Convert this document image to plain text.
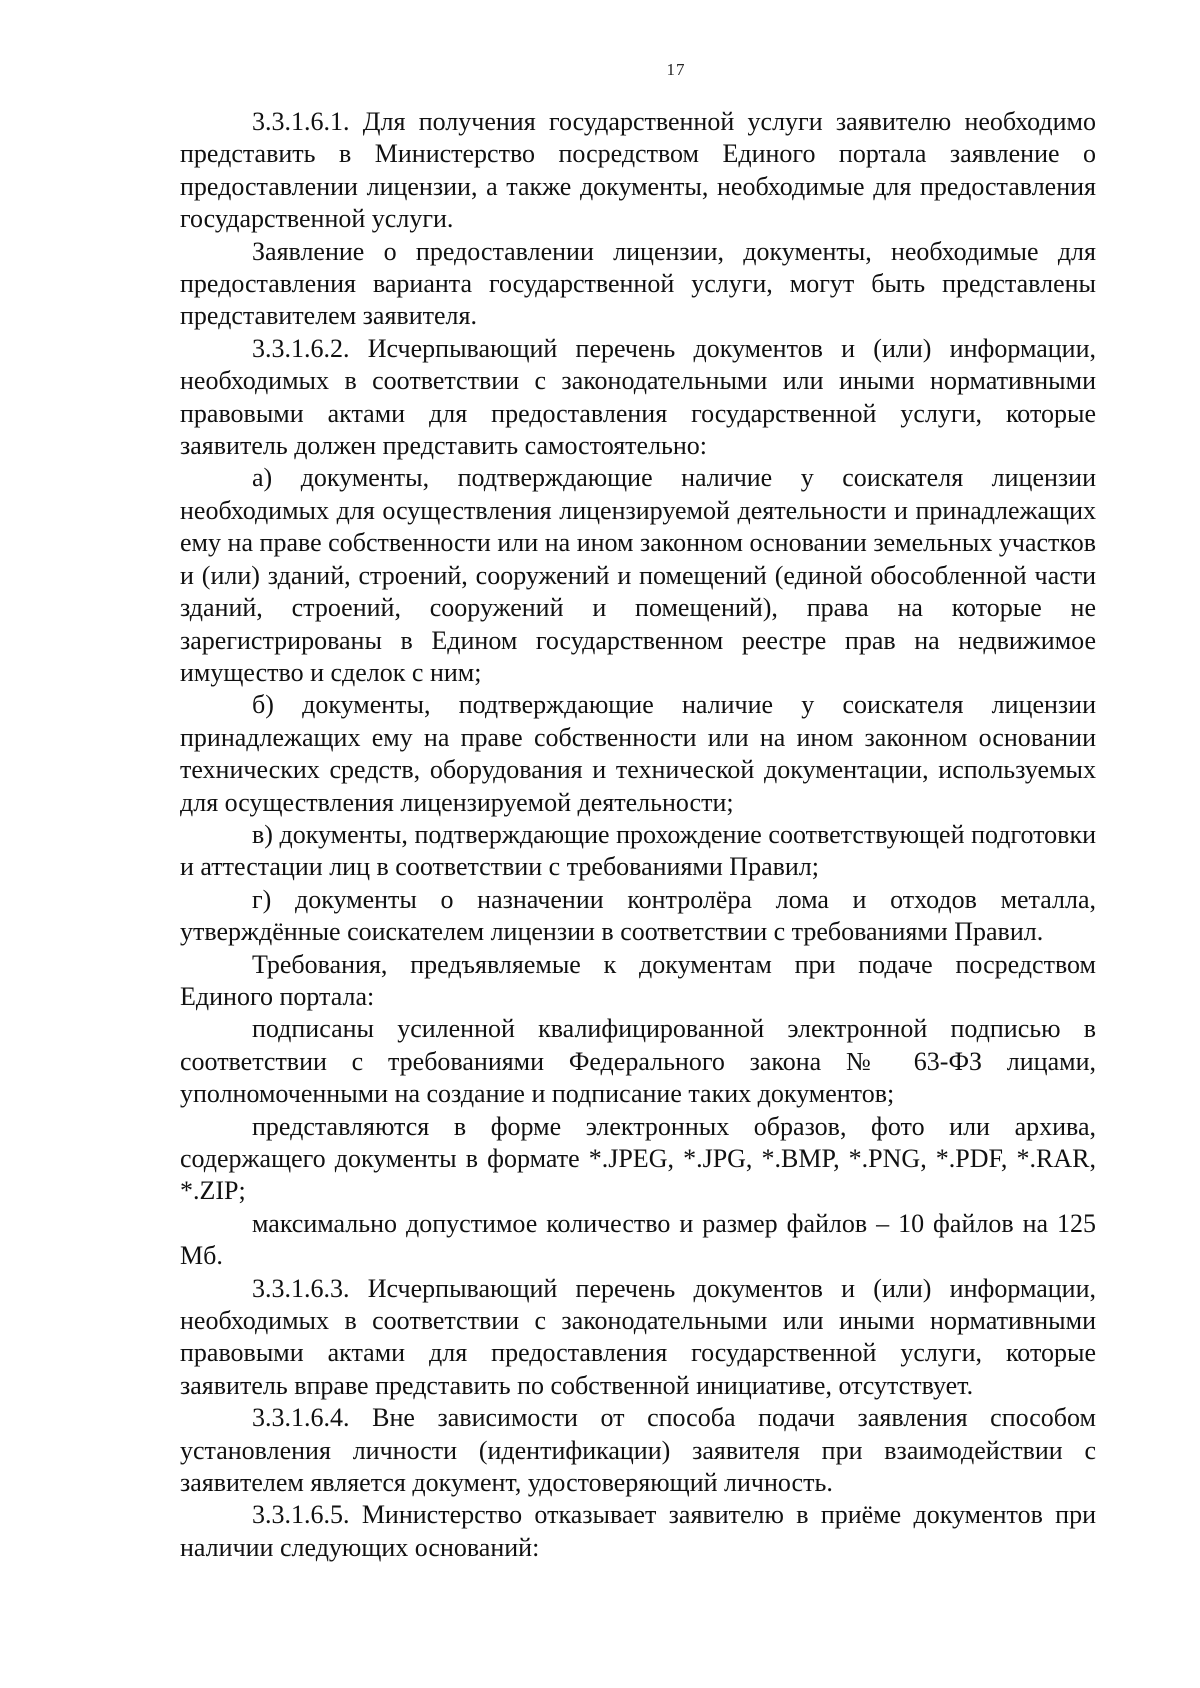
17

3.3.1.6.1. Для получения государственной услуги заявителю необходимо представить в Министерство посредством Единого портала заявление о предоставлении лицензии, а также документы, необходимые для предоставления государственной услуги.

Заявление о предоставлении лицензии, документы, необходимые для предоставления варианта государственной услуги, могут быть представлены представителем заявителя.

3.3.1.6.2. Исчерпывающий перечень документов и (или) информации, необходимых в соответствии с законодательными или иными нормативными правовыми актами для предоставления государственной услуги, которые заявитель должен представить самостоятельно:

а) документы, подтверждающие наличие у соискателя лицензии необходимых для осуществления лицензируемой деятельности и принадлежащих ему на праве собственности или на ином законном основании земельных участков и (или) зданий, строений, сооружений и помещений (единой обособленной части зданий, строений, сооружений и помещений), права на которые не зарегистрированы в Едином государственном реестре прав на недвижимое имущество и сделок с ним;

б) документы, подтверждающие наличие у соискателя лицензии принадлежащих ему на праве собственности или на ином законном основании технических средств, оборудования и технической документации, используемых для осуществления лицензируемой деятельности;

в) документы, подтверждающие прохождение соответствующей подготовки и аттестации лиц в соответствии с требованиями Правил;

г) документы о назначении контролёра лома и отходов металла, утверждённые соискателем лицензии в соответствии с требованиями Правил.

Требования, предъявляемые к документам при подаче посредством Единого портала:

подписаны усиленной квалифицированной электронной подписью в соответствии с требованиями Федерального закона № 63-ФЗ лицами, уполномоченными на создание и подписание таких документов;

представляются в форме электронных образов, фото или архива, содержащего документы в формате *.JPEG, *.JPG, *.BMP, *.PNG, *.PDF, *.RAR, *.ZIP;

максимально допустимое количество и размер файлов – 10 файлов на 125 Мб.

3.3.1.6.3. Исчерпывающий перечень документов и (или) информации, необходимых в соответствии с законодательными или иными нормативными правовыми актами для предоставления государственной услуги, которые заявитель вправе представить по собственной инициативе, отсутствует.

3.3.1.6.4. Вне зависимости от способа подачи заявления способом установления личности (идентификации) заявителя при взаимодействии с заявителем является документ, удостоверяющий личность.

3.3.1.6.5. Министерство отказывает заявителю в приёме документов при наличии следующих оснований:
